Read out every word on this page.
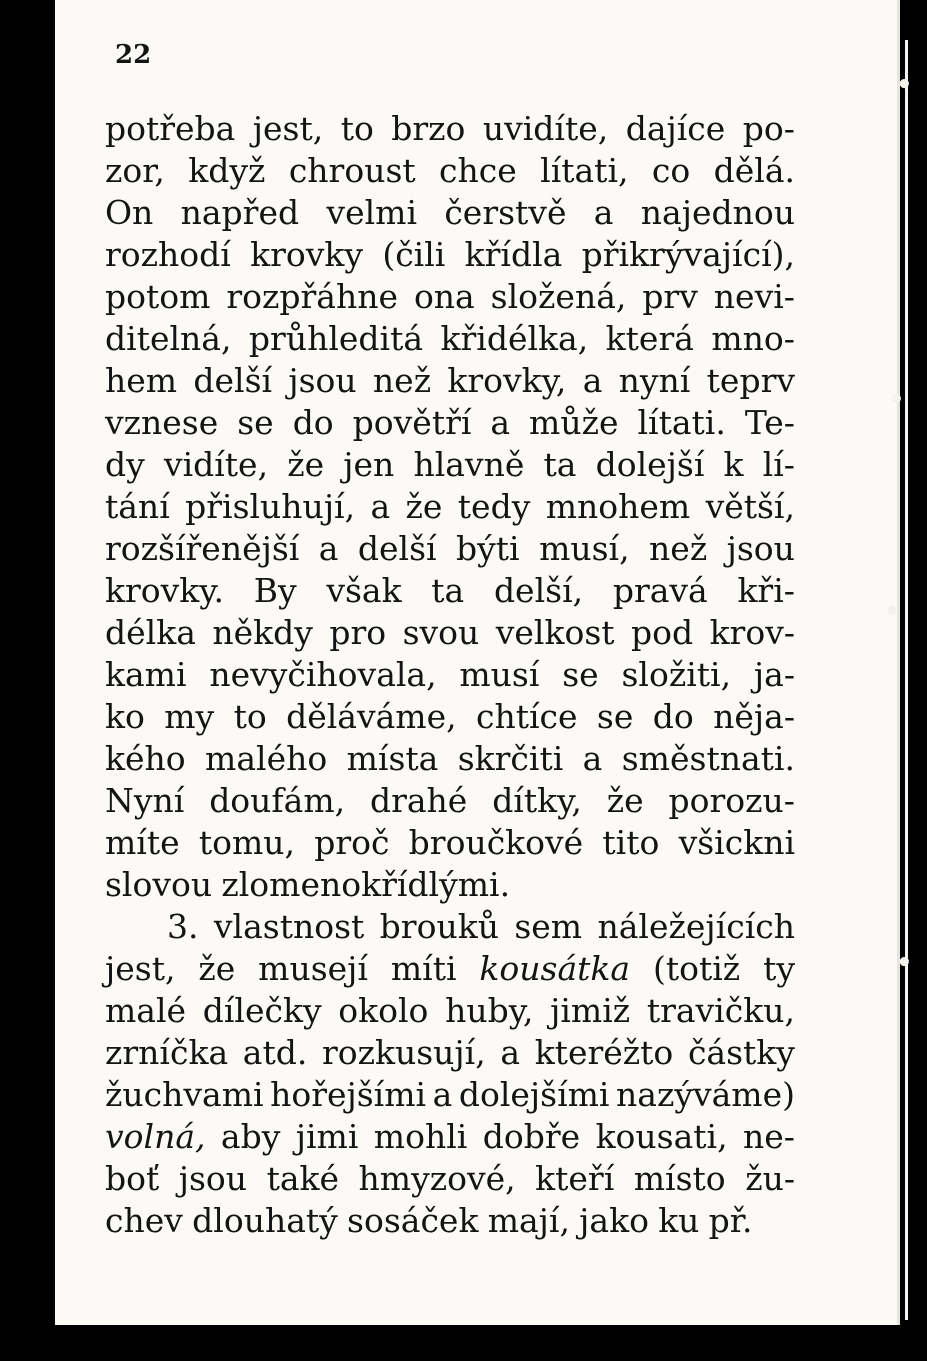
•
•
•
•

22

potřeba jest, to brzo uvidíte, dajíce po-
zor, když chroust chce lítati, co dělá.
On napřed velmi čerstvě a najednou
rozhodí krovky (čili křídla přikrývající),
potom rozpřáhne ona složená, prv nevi-
ditelná, průhleditá křidélka, která mno-
hem delší jsou než krovky, a nyní teprv
vznese se do povětří a může lítati. Te-
dy vidíte, že jen hlavně ta dolejší k lí-
tání přisluhují, a že tedy mnohem větší,
rozšířenější a delší býti musí, než jsou
krovky. By však ta delší, pravá kři-
délka někdy pro svou velkost pod krov-
kami nevyčihovala, musí se složiti, ja-
ko my to děláváme, chtíce se do něja-
kého malého místa skrčiti a směstnati.
Nyní doufám, drahé dítky, že porozu-
míte tomu, proč broučkové tito všickni
slovou zlomenokřídlými.
3. vlastnost brouků sem náležejících
jest, že musejí míti kousátka (totiž ty
malé dílečky okolo huby, jimiž travičku,
zrníčka atd. rozkusují, a kteréžto částky
žuchvami hořejšími a dolejšími nazýváme)
volná, aby jimi mohli dobře kousati, ne-
boť jsou také hmyzové, kteří místo žu-
chev dlouhatý sosáček mají, jako ku př.
